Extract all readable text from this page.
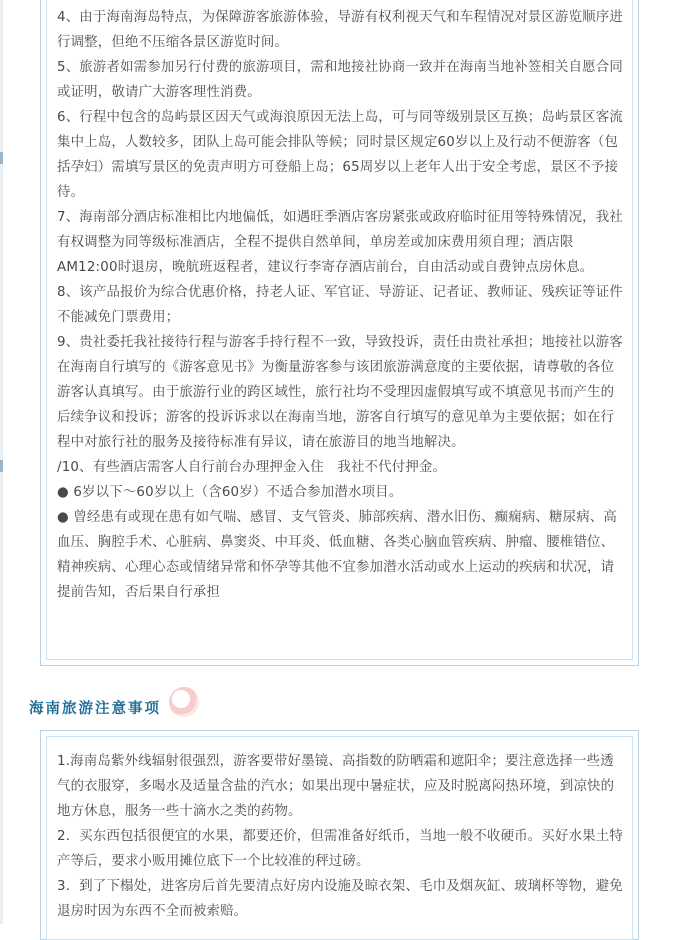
4、由于海南海岛特点，为保障游客旅游体验，导游有权利视天气和车程情况对景区游览顺序进行调整，但绝不压缩各景区游览时间。

5、旅游者如需参加另行付费的旅游项目，需和地接社协商一致并在海南当地补签相关自愿合同或证明，敬请广大游客理性消费。

6、行程中包含的岛屿景区因天气或海浪原因无法上岛，可与同等级别景区互换；岛屿景区客流集中上岛，人数较多，团队上岛可能会排队等候；同时景区规定60岁以上及行动不便游客（包括孕妇）需填写景区的免责声明方可登船上岛；65周岁以上老年人出于安全考虑，景区不予接待。

7、海南部分酒店标准相比内地偏低，如遇旺季酒店客房紧张或政府临时征用等特殊情况，我社有权调整为同等级标准酒店，全程不提供自然单间，单房差或加床费用须自理；酒店限AM12:00时退房，晚航班返程者，建议行李寄存酒店前台，自由活动或自费钟点房休息。

8、该产品报价为综合优惠价格，持老人证、军官证、导游证、记者证、教师证、残疾证等证件不能减免门票费用；

9、贵社委托我社接待行程与游客手持行程不一致，导致投诉，责任由贵社承担；地接社以游客在海南自行填写的《游客意见书》为衡量游客参与该团旅游满意度的主要依据，请尊敬的各位游客认真填写。由于旅游行业的跨区域性，旅行社均不受理因虚假填写或不填意见书而产生的后续争议和投诉；游客的投诉诉求以在海南当地，游客自行填写的意见单为主要依据；如在行程中对旅行社的服务及接待标准有异议，请在旅游目的地当地解决。

/10、有些酒店需客人自行前台办理押金入住　我社不代付押金。

● 6岁以下～60岁以上（含60岁）不适合参加潜水项目。

● 曾经患有或现在患有如气喘、感冒、支气管炎、肺部疾病、潜水旧伤、癫痫病、糖尿病、高血压、胸腔手术、心脏病、鼻窦炎、中耳炎、低血糖、各类心脑血管疾病、肿瘤、腰椎错位、精神疾病、心理心态或情绪异常和怀孕等其他不宜参加潜水活动或水上运动的疾病和状况，请提前告知，否后果自行承担

海南旅游注意事项

1.海南岛紫外线辐射很强烈，游客要带好墨镜、高指数的防晒霜和遮阳伞；要注意选择一些透气的衣服穿，多喝水及适量含盐的汽水；如果出现中暑症状，应及时脱离闷热环境，到凉快的地方休息，服务一些十滴水之类的药物。

2．买东西包括很便宜的水果，都要还价，但需准备好纸币，当地一般不收硬币。买好水果土特产等后，要求小贩用摊位底下一个比较准的秤过磅。

3．到了下榻处，进客房后首先要清点好房内设施及晾衣架、毛巾及烟灰缸、玻璃杯等物，避免退房时因为东西不全而被索赔。
